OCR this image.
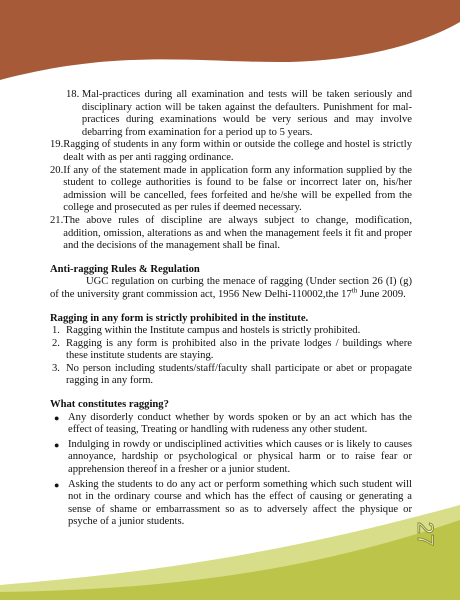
18. Mal-practices during all examination and tests will be taken seriously and disciplinary action will be taken against the defaulters. Punishment for mal-practices during examinations would be very serious and may involve debarring from examination for a period up to 5 years.
19. Ragging of students in any form within or outside the college and hostel is strictly dealt with as per anti ragging ordinance.
20. If any of the statement made in application form any information supplied by the student to college authorities is found to be false or incorrect later on, his/her admission will be cancelled, fees forfeited and he/she will be expelled from the college and prosecuted as per rules if deemed necessary.
21. The above rules of discipline are always subject to change, modification, addition, omission, alterations as and when the management feels it fit and proper and the decisions of the management shall be final.
Anti-ragging Rules & Regulation
UGC regulation on curbing the menace of ragging (Under section 26 (I) (g) of the university grant commission act, 1956 New Delhi-110002,the 17th June 2009.
Ragging in any form is strictly prohibited in the institute.
1. Ragging within the Institute campus and hostels is strictly prohibited.
2. Ragging is any form is prohibited also in the private lodges / buildings where these institute students are staying.
3. No person including students/staff/faculty shall participate or abet or propagate ragging in any form.
What constitutes ragging?
● Any disorderly conduct whether by words spoken or by an act which has the effect of teasing, Treating or handling with rudeness any other student.
● Indulging in rowdy or undisciplined activities which causes or is likely to causes annoyance, hardship or psychological or physical harm or to raise fear or apprehension thereof in a fresher or a junior student.
● Asking the students to do any act or perform something which such student will not in the ordinary course and which has the effect of causing or generating a sense of shame or embarrassment so as to adversely affect the physique or psyche of a junior students.	27
